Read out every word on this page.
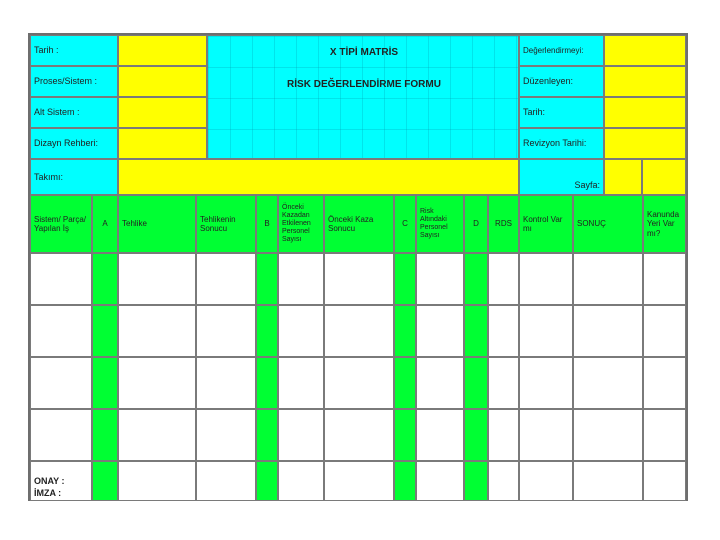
Tarih :
Proses/Sistem :
Alt Sistem :
Dizayn Rehberi:
Takımı:
X TİPİ MATRİS
RİSK DEĞERLENDİRME FORMU
Değerlendirmeyi:
Düzenleyen:
Tarih:
Revizyon Tarihi:
Sayfa:
Sistem/ Parça/ Yapılan İş
A	Tehlike
Tehlikenin Sonucu
B
Önceki Kazadan Etkilenen Personel Sayısı
Önceki Kaza Sonucu
C
Risk Altındaki Personel Sayısı
D	RDS
Kontrol Var mı
SONUÇ
Kanunda Yeri Var mı?
ONAY :
İMZA :
